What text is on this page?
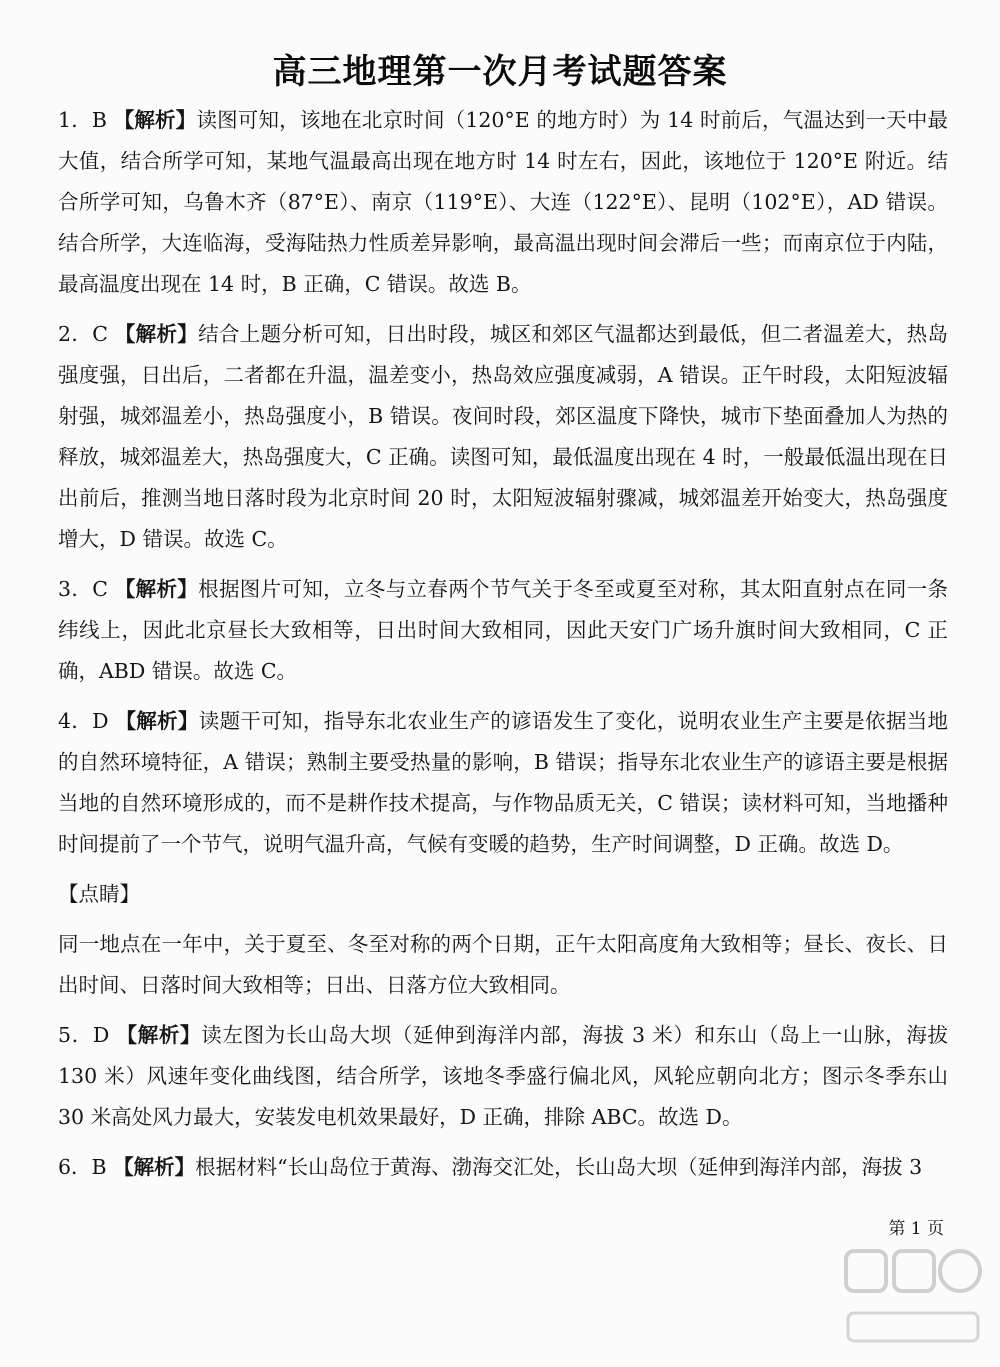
高三地理第一次月考试题答案

1．B 【解析】读图可知，该地在北京时间（120°E 的地方时）为 14 时前后，气温达到一天中最大值，结合所学可知，某地气温最高出现在地方时 14 时左右，因此，该地位于 120°E 附近。结合所学可知，乌鲁木齐（87°E）、南京（119°E）、大连（122°E）、昆明（102°E），AD 错误。结合所学，大连临海，受海陆热力性质差异影响，最高温出现时间会滞后一些；而南京位于内陆，最高温度出现在 14 时，B 正确，C 错误。故选 B。

2．C 【解析】结合上题分析可知，日出时段，城区和郊区气温都达到最低，但二者温差大，热岛强度强，日出后，二者都在升温，温差变小，热岛效应强度减弱，A 错误。正午时段，太阳短波辐射强，城郊温差小，热岛强度小，B 错误。夜间时段，郊区温度下降快，城市下垫面叠加人为热的释放，城郊温差大，热岛强度大，C 正确。读图可知，最低温度出现在 4 时，一般最低温出现在日出前后，推测当地日落时段为北京时间 20 时，太阳短波辐射骤减，城郊温差开始变大，热岛强度增大，D 错误。故选 C。

3．C 【解析】根据图片可知，立冬与立春两个节气关于冬至或夏至对称，其太阳直射点在同一条纬线上，因此北京昼长大致相等，日出时间大致相同，因此天安门广场升旗时间大致相同，C 正确，ABD 错误。故选 C。

4．D 【解析】读题干可知，指导东北农业生产的谚语发生了变化，说明农业生产主要是依据当地的自然环境特征，A 错误；熟制主要受热量的影响，B 错误；指导东北农业生产的谚语主要是根据当地的自然环境形成的，而不是耕作技术提高，与作物品质无关，C 错误；读材料可知，当地播种时间提前了一个节气，说明气温升高，气候有变暖的趋势，生产时间调整，D 正确。故选 D。

【点睛】

同一地点在一年中，关于夏至、冬至对称的两个日期，正午太阳高度角大致相等；昼长、夜长、日出时间、日落时间大致相等；日出、日落方位大致相同。

5．D 【解析】读左图为长山岛大坝（延伸到海洋内部，海拔 3 米）和东山（岛上一山脉，海拔 130 米）风速年变化曲线图，结合所学，该地冬季盛行偏北风，风轮应朝向北方；图示冬季东山 30 米高处风力最大，安装发电机效果最好，D 正确，排除 ABC。故选 D。

6．B 【解析】根据材料“长山岛位于黄海、渤海交汇处，长山岛大坝（延伸到海洋内部，海拔 3

第 1 页
